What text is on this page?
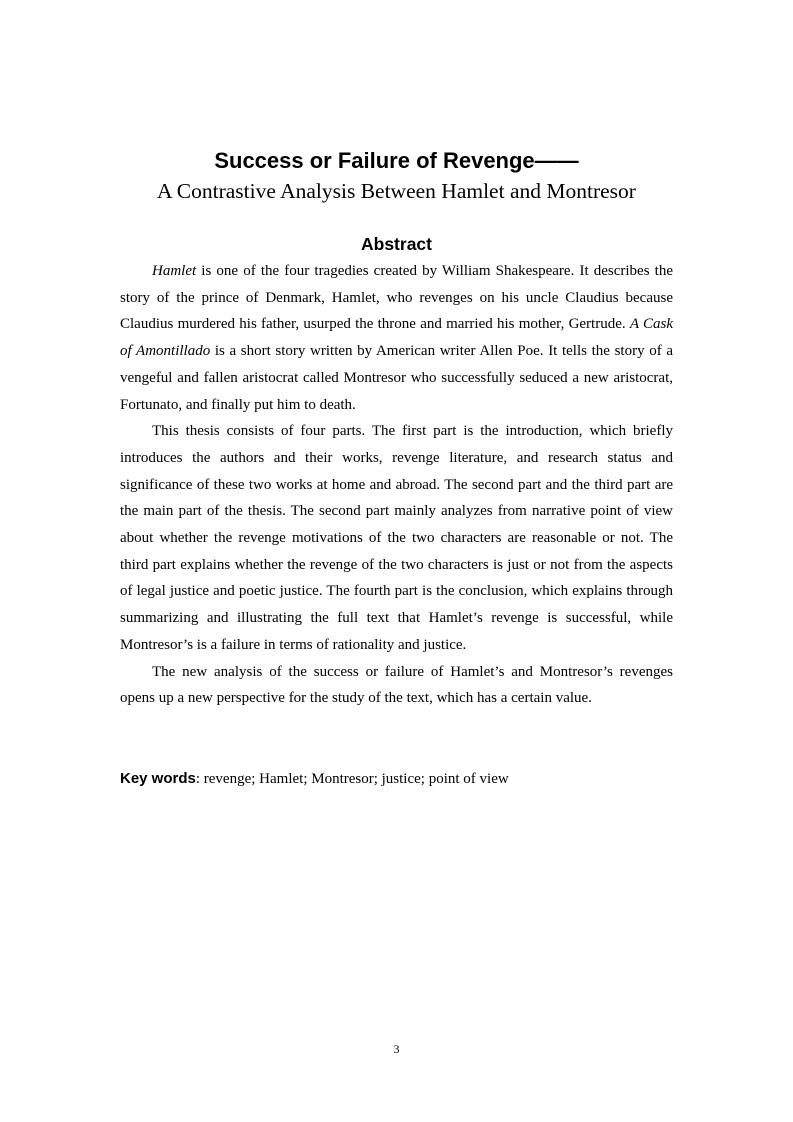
Success or Failure of Revenge——
A Contrastive Analysis Between Hamlet and Montresor
Abstract

Hamlet is one of the four tragedies created by William Shakespeare. It describes the story of the prince of Denmark, Hamlet, who revenges on his uncle Claudius because Claudius murdered his father, usurped the throne and married his mother, Gertrude. A Cask of Amontillado is a short story written by American writer Allen Poe. It tells the story of a vengeful and fallen aristocrat called Montresor who successfully seduced a new aristocrat, Fortunato, and finally put him to death.

This thesis consists of four parts. The first part is the introduction, which briefly introduces the authors and their works, revenge literature, and research status and significance of these two works at home and abroad. The second part and the third part are the main part of the thesis. The second part mainly analyzes from narrative point of view about whether the revenge motivations of the two characters are reasonable or not. The third part explains whether the revenge of the two characters is just or not from the aspects of legal justice and poetic justice. The fourth part is the conclusion, which explains through summarizing and illustrating the full text that Hamlet’s revenge is successful, while Montresor’s is a failure in terms of rationality and justice.

The new analysis of the success or failure of Hamlet’s and Montresor’s revenges opens up a new perspective for the study of the text, which has a certain value.

Key words: revenge; Hamlet; Montresor; justice; point of view
3
